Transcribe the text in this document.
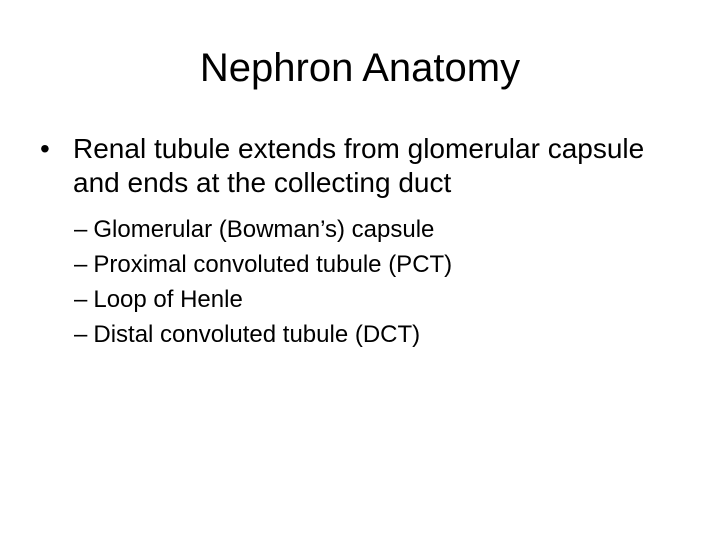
Nephron Anatomy
• Renal tubule extends from glomerular capsule and ends at the collecting duct
– Glomerular (Bowman’s) capsule
– Proximal convoluted tubule (PCT)
– Loop of Henle
– Distal convoluted tubule (DCT)
